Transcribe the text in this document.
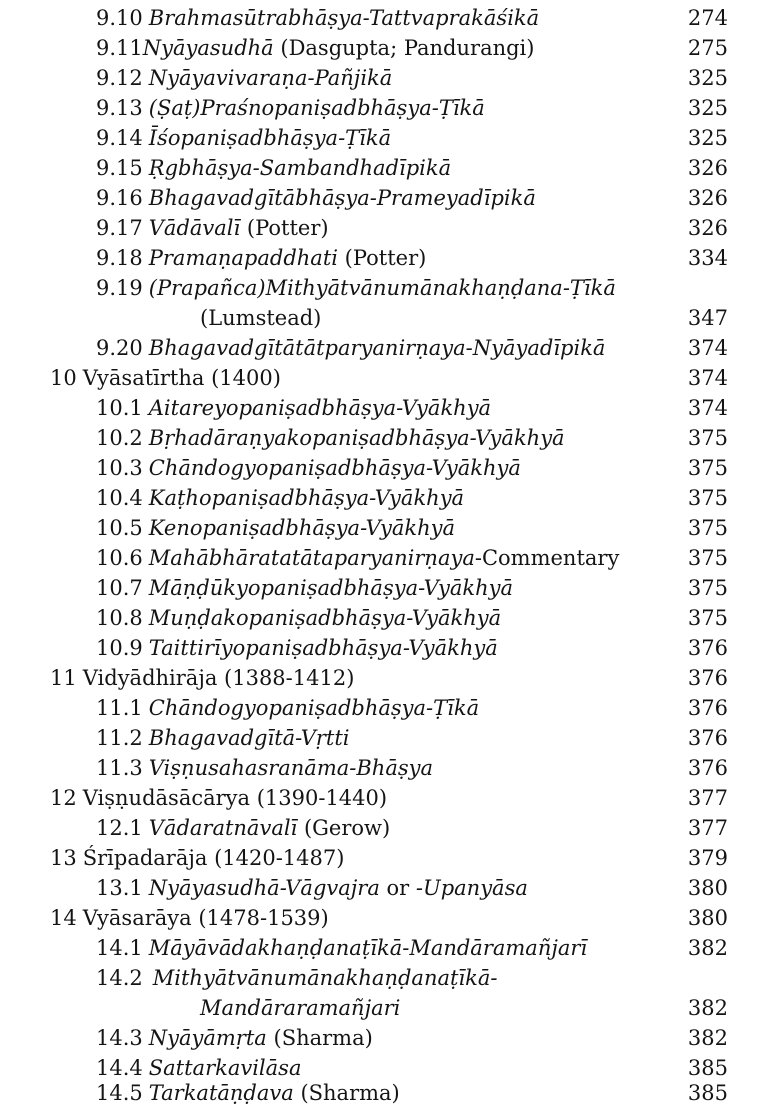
9.10 Brahmasūtrabhāṣya-Tattvaprakāśikā	274
9.11Nyāyasudhā (Dasgupta; Pandurangi)	275
9.12 Nyāyavivaraṇa-Pañjikā	325
9.13 (Ṣaṭ)Praśnopaniṣadbhāṣya-Ṭīkā	325
9.14 Īśopaniṣadbhāṣya-Ṭīkā	325
9.15 Ṛgbhāṣya-Sambandhadīpikā	326
9.16 Bhagavadgītābhāṣya-Prameyadīpikā	326
9.17 Vādāvalī (Potter)	326
9.18 Pramaṇapaddhati (Potter)	334
9.19 (Prapañca)Mithyātvānumānakhaṇḍana-Ṭīkā
(Lumstead)	347
9.20 Bhagavadgītātātparyanirṇaya-Nyāyadīpikā	374
10 Vyāsatīrtha (1400)	374
10.1 Aitareyopaniṣadbhāṣya-Vyākhyā	374
10.2 Bṛhadāraṇyakopaniṣadbhāṣya-Vyākhyā	375
10.3 Chāndogyopaniṣadbhāṣya-Vyākhyā	375
10.4 Kaṭhopaniṣadbhāṣya-Vyākhyā	375
10.5 Kenopaniṣadbhāṣya-Vyākhyā	375
10.6 Mahābhāratatātaparyanirṇaya-Commentary	375
10.7 Māṇḍūkyopaniṣadbhāṣya-Vyākhyā	375
10.8 Muṇḍakopaniṣadbhāṣya-Vyākhyā	375
10.9 Taittirīyopaniṣadbhāṣya-Vyākhyā	376
11 Vidyādhirāja (1388-1412)	376
11.1 Chāndogyopaniṣadbhāṣya-Ṭīkā	376
11.2 Bhagavadgītā-Vṛtti	376
11.3 Viṣṇusahasranāma-Bhāṣya	376
12 Viṣṇudāsācārya (1390-1440)	377
12.1 Vādaratnāvalī (Gerow)	377
13 Śrīpadarāja (1420-1487)	379
13.1 Nyāyasudhā-Vāgvajra or -Upanyāsa	380
14 Vyāsarāya (1478-1539)	380
14.1 Māyāvādakhaṇḍanaṭīkā-Mandāramañjarī	382
14.2 Mithyātvānumānakhaṇḍanaṭīkā-
Mandāraramañjari	382
14.3 Nyāyāmṛta (Sharma)	382
14.4 Sattarkavilāsa	385
14.5 Tarkatāṇḍava (Sharma)	385
